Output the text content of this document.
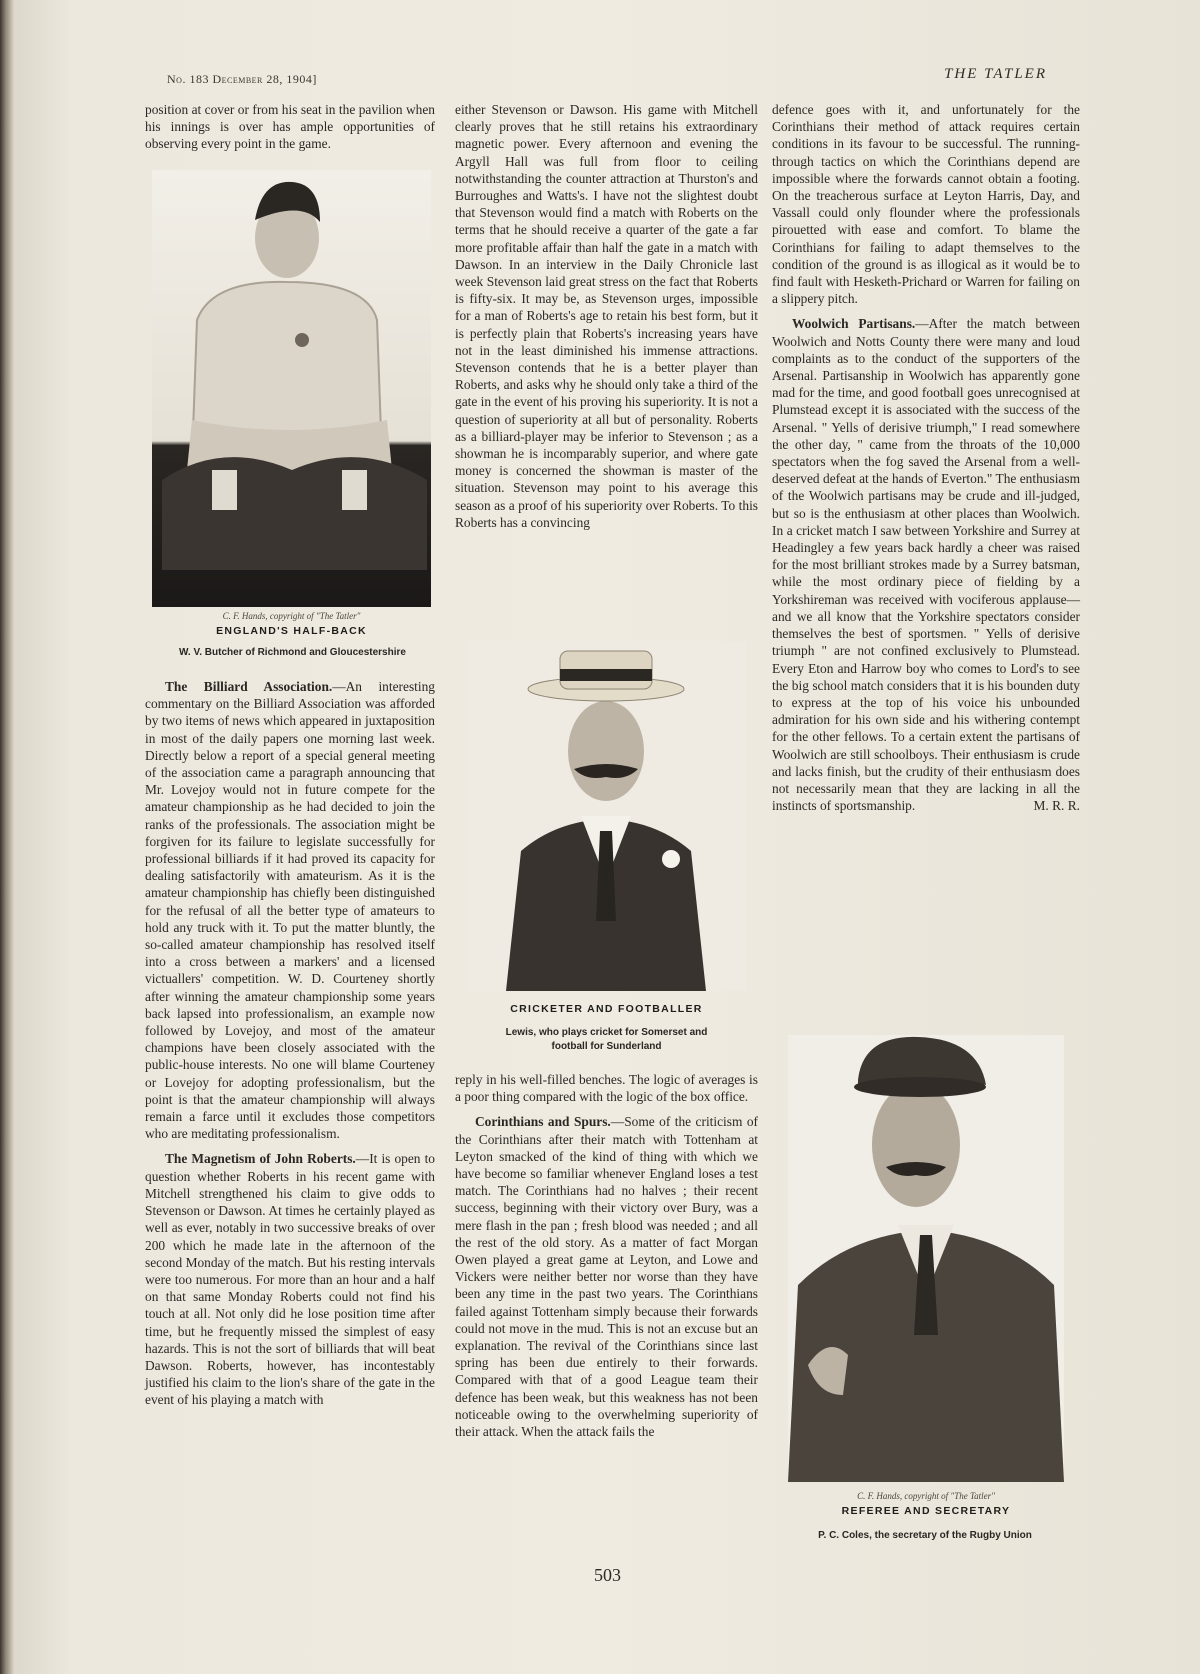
No. 183 December 28, 1904]	THE TATLER

position at cover or from his seat in the pavilion when his innings is over has ample opportunities of observing every point in the game.

C. F. Hands, copyright of "The Tatler"
ENGLAND'S HALF-BACK
W. V. Butcher of Richmond and Gloucestershire

The Billiard Association.—An interesting commentary on the Billiard Association was afforded by two items of news which appeared in juxtaposition in most of the daily papers one morning last week. Directly below a report of a special general meeting of the association came a paragraph announcing that Mr. Lovejoy would not in future compete for the amateur championship as he had decided to join the ranks of the professionals. The association might be forgiven for its failure to legislate successfully for professional billiards if it had proved its capacity for dealing satisfactorily with amateurism. As it is the amateur championship has chiefly been distinguished for the refusal of all the better type of amateurs to hold any truck with it. To put the matter bluntly, the so-called amateur championship has resolved itself into a cross between a markers' and a licensed victuallers' competition. W. D. Courteney shortly after winning the amateur championship some years back lapsed into professionalism, an example now followed by Lovejoy, and most of the amateur champions have been closely associated with the public-house interests. No one will blame Courteney or Lovejoy for adopting professionalism, but the point is that the amateur championship will always remain a farce until it excludes those competitors who are meditating professionalism.

The Magnetism of John Roberts.—It is open to question whether Roberts in his recent game with Mitchell strengthened his claim to give odds to Stevenson or Dawson. At times he certainly played as well as ever, notably in two successive breaks of over 200 which he made late in the afternoon of the second Monday of the match. But his resting intervals were too numerous. For more than an hour and a half on that same Monday Roberts could not find his touch at all. Not only did he lose position time after time, but he frequently missed the simplest of easy hazards. This is not the sort of billiards that will beat Dawson. Roberts, however, has incontestably justified his claim to the lion's share of the gate in the event of his playing a match with

either Stevenson or Dawson. His game with Mitchell clearly proves that he still retains his extraordinary magnetic power. Every afternoon and evening the Argyll Hall was full from floor to ceiling notwithstanding the counter attraction at Thurston's and Burroughes and Watts's. I have not the slightest doubt that Stevenson would find a match with Roberts on the terms that he should receive a quarter of the gate a far more profitable affair than half the gate in a match with Dawson. In an interview in the Daily Chronicle last week Stevenson laid great stress on the fact that Roberts is fifty-six. It may be, as Stevenson urges, impossible for a man of Roberts's age to retain his best form, but it is perfectly plain that Roberts's increasing years have not in the least diminished his immense attractions. Stevenson contends that he is a better player than Roberts, and asks why he should only take a third of the gate in the event of his proving his superiority. It is not a question of superiority at all but of personality. Roberts as a billiard-player may be inferior to Stevenson ; as a showman he is incomparably superior, and where gate money is concerned the showman is master of the situation. Stevenson may point to his average this season as a proof of his superiority over Roberts. To this Roberts has a convincing

CRICKETER AND FOOTBALLER
Lewis, who plays cricket for Somerset and
football for Sunderland

reply in his well-filled benches. The logic of averages is a poor thing compared with the logic of the box office.

Corinthians and Spurs.—Some of the criticism of the Corinthians after their match with Tottenham at Leyton smacked of the kind of thing with which we have become so familiar whenever England loses a test match. The Corinthians had no halves ; their recent success, beginning with their victory over Bury, was a mere flash in the pan ; fresh blood was needed ; and all the rest of the old story. As a matter of fact Morgan Owen played a great game at Leyton, and Lowe and Vickers were neither better nor worse than they have been any time in the past two years. The Corinthians failed against Tottenham simply because their forwards could not move in the mud. This is not an excuse but an explanation. The revival of the Corinthians since last spring has been due entirely to their forwards. Compared with that of a good League team their defence has been weak, but this weakness has not been noticeable owing to the overwhelming superiority of their attack. When the attack fails the

defence goes with it, and unfortunately for the Corinthians their method of attack requires certain conditions in its favour to be successful. The running-through tactics on which the Corinthians depend are impossible where the forwards cannot obtain a footing. On the treacherous surface at Leyton Harris, Day, and Vassall could only flounder where the professionals pirouetted with ease and comfort. To blame the Corinthians for failing to adapt themselves to the condition of the ground is as illogical as it would be to find fault with Hesketh-Prichard or Warren for failing on a slippery pitch.

Woolwich Partisans.—After the match between Woolwich and Notts County there were many and loud complaints as to the conduct of the supporters of the Arsenal. Partisanship in Woolwich has apparently gone mad for the time, and good football goes unrecognised at Plumstead except it is associated with the success of the Arsenal. " Yells of derisive triumph," I read somewhere the other day, " came from the throats of the 10,000 spectators when the fog saved the Arsenal from a well-deserved defeat at the hands of Everton." The enthusiasm of the Woolwich partisans may be crude and ill-judged, but so is the enthusiasm at other places than Woolwich. In a cricket match I saw between Yorkshire and Surrey at Headingley a few years back hardly a cheer was raised for the most brilliant strokes made by a Surrey batsman, while the most ordinary piece of fielding by a Yorkshireman was received with vociferous applause—and we all know that the Yorkshire spectators consider themselves the best of sportsmen. " Yells of derisive triumph " are not confined exclusively to Plumstead. Every Eton and Harrow boy who comes to Lord's to see the big school match considers that it is his bounden duty to express at the top of his voice his unbounded admiration for his own side and his withering contempt for the other fellows. To a certain extent the partisans of Woolwich are still schoolboys. Their enthusiasm is crude and lacks finish, but the crudity of their enthusiasm does not necessarily mean that they are lacking in all the instincts of sportsmanship.	M. R. R.

C. F. Hands, copyright of "The Tatler"
REFEREE AND SECRETARY
P. C. Coles, the secretary of the Rugby Union
503
